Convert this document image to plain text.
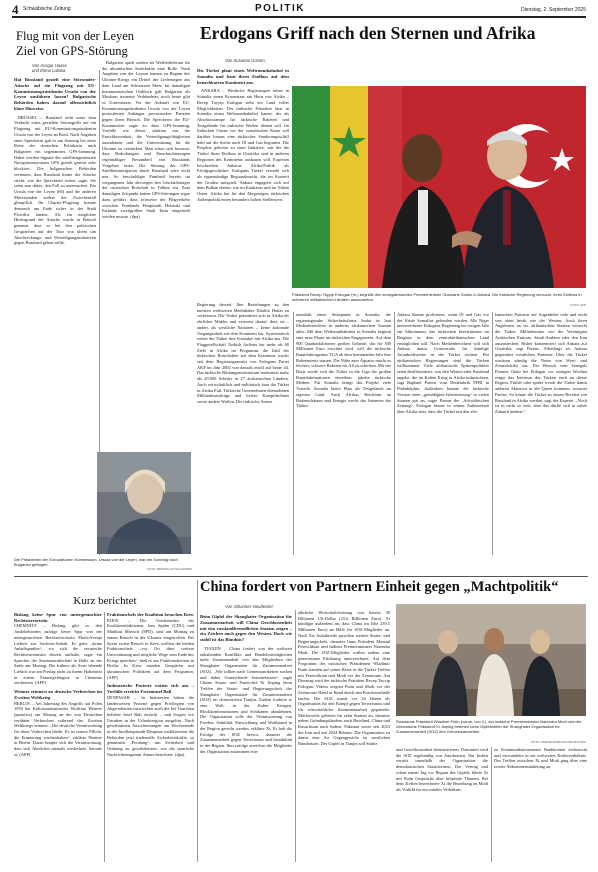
4 Schwäbische Zeitung	POLITIK	Dienstag, 2. September 2025
Flug mit von der Leyen
Ziel von GPS-Störung
Von Ansgar Haase
und Elena Lalowa

Hat Russland gezielt eine Störsender-Attacke auf ein Flugzeug mit EU-Kommissionspräsidentin Ursula von der Leyen ausführen lassen? Bulgarische Behörden haben darauf offensichtlich klare Hinweise.

BRÜSSEL – Russland steht unter dem Verdacht eines gezielten Störangriffs auf ein Flugzeug mit EU-Kommissionspräsidentin Ursula von der Leyen an Bord. Nach Angaben einer Sprecherin gab es am Sonntag bei einer Reise der deutschen Politikerin nach Bulgarien ein sogenanntes GPS-Jamming. Dabei werden Signale des satellitengestützten Navigationssystems GPS gezielt gestört oder blockiert. Die bulgarischen Behörden vermuten, dass Russland hinter der Attacke steckt, wie die Sprecherin weiter sagte. Sie seien nun dabei, den Fall zu untersuchen. Für Ursula von der Leyen (66) und die anderen Mitreisenden endete der Zwischenfall glimpflich. Ihr Charter-Flugzeug konnte demnach am Ende sicher in der Stadt Plowdiw landen. Als ein möglicher Hintergrund der Attacke wurde in Brüssel genannt, dass es bei den politischen Gesprächen auf der Tour von ultem um Abschreckungs- und Verteidigungsinitiativen gegen Russland gehen sollte.

Bulgarien spielt zudem als Waffenlieferant für die ukrainischen Streitkräfte eine Rolle. Nach Angaben von der Leyens kamen zu Beginn des Ukraine-Kriegs ein Drittel der Lieferungen aus dem Land am Schwarzen Meer. Im damaligen kommunistischen Ostblock galt Bulgarien als Moskaus treuester Verbündeter, noch heute gibt es Unterstützer. Vor der Ankunft von EU-Kommissionspräsidentin Ursula von der Leyen protestierten Anhänger prorussischer Parteien gegen ihren Besuch. Die Sprecherin der EU-Kommission sagte zu dem GPS-Jamming, Vorfälle wie dieser stärkten nur die Entschlossenheit, die Verteidigungsfähigkeiten auszubauen und die Unterstützung für die Ukraine zu verstärken. Man wisse sich bewusst, dass Bedrohungen und Einschüchterungen regelmäßiger Bestandteil von Russlands Vorgehen seien. Die Störung der GPS-Satellitennavigation durch Russland wäre nicht neu. So beschuldigte Finnland bereits im vergangenen Jahr deswegen den Geschäftsträger der russischen Botschaft in Tallinn ein. Zum damaligen Zeitpunkt hatten GPS-Störungen sogar dazu geführt, dass zeitweise der Flugverkehr zwischen Finnlands Hauptstadt Helsinki und Estlands zweitgrößter Stadt Tartu eingestellt werden musste. (dpa)

Die Präsidentin der Europäischen Kommission, Ursula von der Leyen, war am Sonntag nach Bulgarien geflogen.
FOTO: BRANISLAV IVIC/AP/DPA
Erdogans Griff nach den Sternen und Afrika
Von Susanne Güsten

Die Türkei plant einen Weltraumbahnhof in Somalia und baut ihren Einfluss auf dem benachbarten Kontinent aus.

ANKARA – Westliche Regierungen sehen in Somalia einen Krisenstaat am Horn von Afrika – Recep Tayyip Erdogan sieht ein Land voller Möglichkeiten. Der türkische Präsident lässt in Somalia einen Weltraumbahnhof bauen, der als Abschussrampe für türkische Raketen und Testgelände für türkische Waffen dienen soll. Im Indischen Ozean vor der somalischen Küste soll darüber hinaus eine türkisches Sonderungsschiff bald auf die Suche nach Öl und Gas beginnen. Die Projekte gehören zu einer Initiative, mit der die Türkei ihren Einfluss in Ostafrika und in anderen Regionen des Kontinents ausbauen will. Experten beschreiben Ankaras Afrika-Politik als Erfolgsgeschichte. Erdogans Türkei versteht sich als eigenständige Regionalmacht, die im Konzert der Großen mitspielt. Ankara engagiert sich auf dem Balkan ebenso wie im Kaukasus und im Nahen Osten. Afrika hat für den Ehrgeizigen türkischen Außenpolitik einen besonders hohen Stellenwert.

Präsident Recep Tayyip Erdogan (re.) begrüßt den senegalesischen Premierminister Ousmane Sonko in Ankara. Die türkische Regierung versucht, ihren Einfluss in mehreren afrikanischen Ländern auszuweiten.
FOTO: AFP

Regierung derzeit. Ihre Beziehungen zu den meisten weltweiten Machthaber Khalifa Haftar zu verbessern. Die Türkei präsentiert sich in Afrika als ehrlicher Makler und verweist darauf, dass sie – anders als westliche Nationen – keine koloniale Vergangenheit auf dem Kontinent hat. Systematisch weitet die Türkei ihre Kontakte mit Afrika aus. Die Fluggesellschaft Turkish Airlines hat mehr als 60 Ziele in Afrika im Programm, die Zahl der türkischen Botschaften auf dem Kontinent wuchs seit dem Regierungsantritt von Erdogans Partei AKP im Jahr 2002 von damals zwölf auf heute 44. Das türkische Bildungsministerium unterstützt mehr als 20.000 Schüler in 27 afrikanischen Ländern. Auch wirtschaftlich und militärisch baut die Türkei in Afrika Fuß. Türkische Unternehmen übernahmen Milliardenaufträge und liefern Kampfdrohnen sowie andere Waffen. Die türkische Armee

unterhält einen Stützpunkt in Somalia, die regierungsnahe Sicherheitsfirma Sadat ist laut Medienberichten in anderen afrikanischen Staaten aktiv. Mit dem Weltraumbahnhof in Somalia beginnt eine neue Phase im türkischen Engagement. Auf dem 900 Quadratkilometer großen Gelände, das für 300 Millionen Euro errichtet wird, will die türkische Raumfahrtagentur TUA ab dem kommenden Jahr ihre Raketentests starten. Die Nähe zum Äquator macht es leichter, schwere Raketen ins All zu schicken. Mit der Basis werde sich die Türkei in die Liga der großen Raumfahrtnationen einreihen, jubelte türkische Medien. Für Somalia bringt das Projekt viele Vorteile. Somalia bietet Platz als Testgelände im eigenen Land. Auch Afrikas Reichtum an Bodenschätzen und Energie weckt das Interesse der Türkei.

Ankara könnte profitieren, wenn Öl und Gas vor der Küste Somalias gefunden werden. Mit Niger unterzeichnete Erdogans Regierung im vorigen Jahr ein Abkommen, das türkischen Investitionen im Bergbau in dem zentralafrikanischen Land ermöglichen soll. Nach Medienberichten will sich Ankara damit Uranvorräte für künftige Atomkraftwerke in der Türkei sichern. Bei afrikanischen Regierungen sind die Türken willkommen. Viele afrikanische Spitzenpolitiker seien desillusioniert, was den Westen oder Russland angehe, die im Kalten Krieg in Afrika mitmischten, sagt Raphael Parens vom Denkfabrik FPRI in Philadelphia. Außerdem könnte die türkische Version einer „gemäßigten Islamisierung“ in vielen Staaten gut an, sagte Parens der „Schwäbischen Zeitung“. Erdogan betont in seinen Außenreisen über Afrika stets, dass die Türkei mit den afri-

kanischen Partnern auf Augenhöhe rede und nicht von oben herab wie der Westen. Auch ihren Angeboten an vie afrikanischen Staaten versucht die Türkei, Militärberater wie die Vereinigten Arabischen Emirate, Saudi-Arabien oder den Iran auszustechen. Bisher konzentriert sich Ankara auf Ostafrika, sagt Parens. Allerdings sei Ankara gegenüber westlichen Partnern. Über die Türkei wachsen ständig die Netze von West- und Zentralafrika aus. Der Besuch vom Senegals Premier Onko bei Erdogan vor wenigen Wochen zeigte das Interesse der Türken auch an dieser Region. Früher oder später werde die Türkei damit anderen Akteuren in die Quere kommen, erwartet Parens. So könne die Türkei zu einem Rivalen von Russland in Afrika werden, sagt der Experte. „Noch ist es nicht so weit, aber das dürfte sich in naher Zukunft ändern.“

Kurz berichtet

Bislang keine Spur von untergetauchter Rechtsterroristin

CHEMNITZ – Bislang gibt es den JustIzbehörden zufolge keine Spur von der untergetauchten Rechtsterroristin Marla-Svenja Liebich aus Sachsen-Anhalt. Es gebe „keine Anhaltspunkte“, wo sich die verurteilte Rechtsextremistin derzeit aufhalte, sagte ein Sprecher der Staatsanwaltschaft in Halle an der Saale am Montag. Die frühere als Sven lebende Liebich war am Freitag nicht zu ihrem Haftantritt in einem Frauengefängnis in Chemnitz erschienen. (AFP)

Weimer erinnert an deutsche Verbrechen im Zweiten Weltkrieg

BERLIN – Am Jahrestag des Angriffs auf Polen 1939 hat Kulturstaatsminister Wolfram Weimer (parteilos) am Montag an die von Deutschen verübten Verbrechen während des Zweiten Weltkriegs erinnert. „Die deutsche Verantwortung für diese Verbrechen bleibt. Es ist unsere Pflicht, die Erinnerung wachzuhalten“, erklärte Weimer in Berlin. Daran knüpfe sich die Verantwortung, dass sich Ähnliches niemals wiederhole, betonte er. (AFP)

Fraktionschefs der Koalition besuchen Kiew

KIEW – Die Vorsitzenden der Koalitionsfraktionen, Jens Spahn (CDU) und Matthias Miersch (SPD), sind am Montag zu einem Besuch in der Ukraine eingetroffen. Bei ihrem ersten Besuch in Kiew wollten die beiden Fraktionschefs „vor Ort über weitere Unterstützung und mögliche Wege zum Ende des Kriegs sprechen“, hieß es aus Fraktionskreisen in Berlin. In Kiew standen Gespräche mit ukrainischen Politikern auf dem Programm. (AFP)

Indonesische Proteste weiten sich aus – Vorfälle erreicht Ferieninsel Bali

DENPASAR – In Indonesien haben die landesweiten Proteste gegen Privilegien von Abgeordneten inzwischen auch die bei Touristen beliebte Insel Bali erreicht – und Sorgen vor Unruhen in der Urlaubsregion ausgelöst. Nach gewaltsamen Ausschreitungen am Wochenende in der Inselhauptstadt Denpasar mobilisierten die Behörden jetzt tradionelle Sicherheitskräfte, so genannten „Pecalang“, um Sicherheit und Ordnung zu gewährleisten, wie die staatliche Nachrichtenagentur Antara berichtete. (dpa)

China fordert von Partnern Einheit gegen „Machtpolitik“
Von Johannes Neudecker

Beim Gipfel der Shanghaier Organisation für Zusammenarbeit will China Geschlossenheit mit den russlandfreundlichen Staaten zeigen – ein Zeichen auch gegen den Westen. Doch wie stabil ist das Bündnis?

TIANJIN – China fordert von der weltweit anhaltenden Konflikte und Handelsstreitigkeiten mehr Zusammenhalt von den Mitgliedern der Shanghaier Organisation für Zusammenarbeit (SOZ). „Wir sollten nach Gemeinsamkeiten suchen und dabei Unterschiede beiseitelassen“, sagte Chinas Staats- und Parteichef Xi Jinping beim Treffen der Staats- und Regierungschefs der Shanghaier Organisation für Zusammenarbeit (SOZ) im chinesischen Tianjin. Zudem forderte er eine Welt, in der Kalter Kriegen, Blockkonfrontationen und Schikanen abzulehnen. Die Organisation solle der Verantwortung von Frieden, Stabilität, Entwicklung und Wohlstand in der Region gerecht werden, erklärte Xi. Er hob die Erfolge der SOZ hervor, darunter die Zusammenarbeit gegen Terrorismus und Instabilität in der Region. Ihm zufolge erreichen die Mitglieder der Organisation zusammen eine

jährliche Wirtschaftsleistung von bereits 30 Billionen US-Dollar (25,6 Billionen Euro). Xi kündigte außerdem an, dass China im Jahr 239,5 Millionen Euro) an Hilfe für SOZ-Mitglieder an. Nach Xis Auftaktrede sprachen weitere Staats- und Regierungschefs, darunter Irans Präsident Massud Peseschkian und Indiens Premierminister Narendra Modi. Die SOZ-Mitglieder wollen zudem eine gemeinsame Erklärung unterzeichnen. Auf dem Programm des russischen Präsidenten Wladimir Putin standen auf seiner Reise in die Türkei Treffen mit Peseschkian und Modi vor der Zeremonie. Am Dienstag wird der türkische Präsident Recep Tayyip Erdogan. Videos zeigten Putin und Modi vor der Zeremonie Hand in Hand durch den Konferenzhalle laufen. Die SOZ wurde vor 24 Jahren als Organisation für den Kampf gegen Terrorismus und für wirtschaftliche Zusammenarbeit gegründet. Mittlerweile gehören ihr zehn Staaten an, darunter neben Gründungsländern auch Russland, China und Kasachstan auch Indien, Pakistan sowie seit 2023 der Iran und seit 2024 Belarus. Die Organisation ist damit eine Art Gegengewicht zu westlichen Bündnissen. Der Gipfel in Tianjin soll Stärke

Russlands Präsident Wladimir Putin (vorne, von li.), der indische Premierminister Narendra Modi und der chinesische Präsident Xi Jinping betreten beim Gipfeltreffen der Shanghaier Organisation für Zusammenarbeit (SOZ) ihre Gemeinsamkeiten.
FOTO: SERGEI BOBYLEV/AP/SPUTNIK

und Geschlossenheit demonstrieren. Dominiert wird die SOZ regelmäßig von Autokratien, Nur Indien vertritt innerhalb der Organisation die demokratischen Staatsformen. Der Vertrag und schon einem Tag vor Beginn des Gipfels führte Xi mit Putin Gespräche über bilaterale Themen. Bei dem Treffen bezeichnete Xi die Beziehung zu Modi als Vorbild für ein stabiles Verhältnis.

zu Kommunikationsnetze Bankkonten verbraucht und verwandelte in ein weltweites Kräfteverhältnis. Das Treffen zwischen Xi und Modi ging über eine zweite Abkommensänderung an.
